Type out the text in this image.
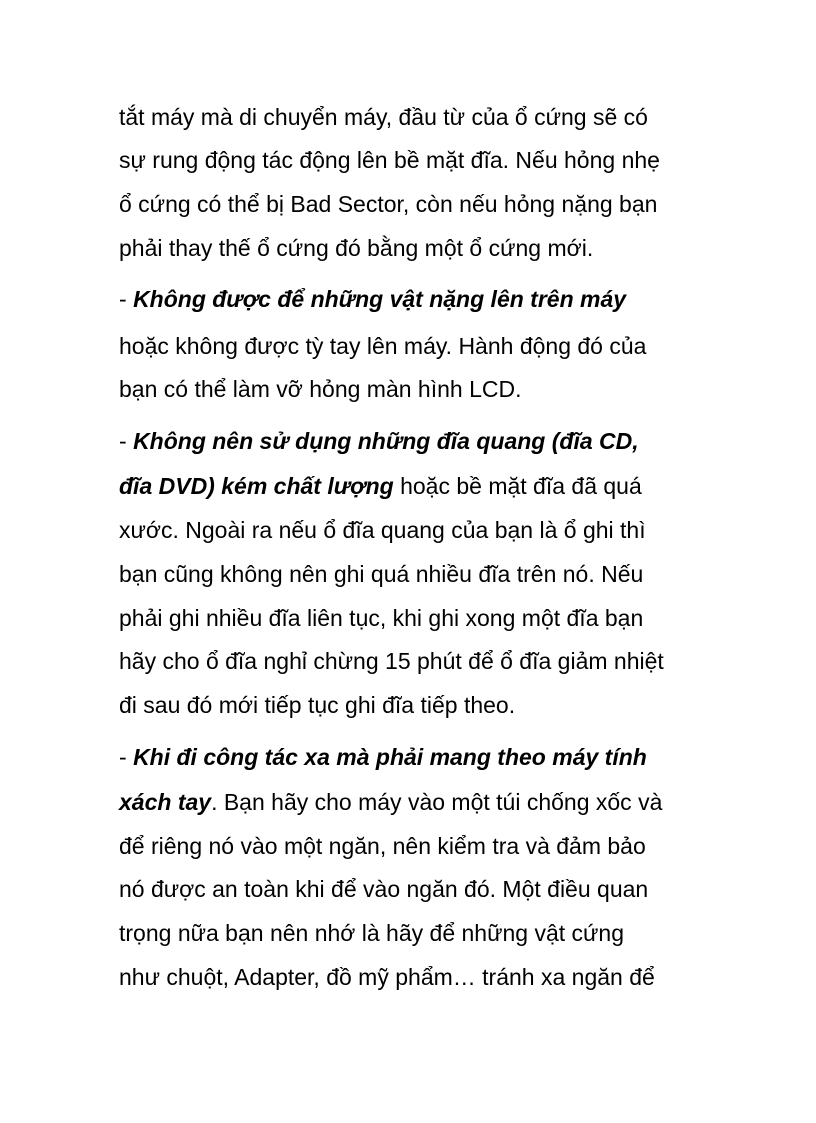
tắt máy mà di chuyển máy, đầu từ của ổ cứng sẽ có

sự rung động tác động lên bề mặt đĩa. Nếu hỏng nhẹ

ổ cứng có thể bị Bad Sector, còn nếu hỏng nặng bạn

phải thay thế ổ cứng đó bằng một ổ cứng mới.

- Không được để những vật nặng lên trên máy

hoặc không được tỳ tay lên máy. Hành động đó của

bạn có thể làm vỡ hỏng màn hình LCD.

- Không nên sử dụng những đĩa quang (đĩa CD,

đĩa DVD) kém chất lượng hoặc bề mặt đĩa đã quá

xước. Ngoài ra nếu ổ đĩa quang của bạn là ổ ghi thì

bạn cũng không nên ghi quá nhiều đĩa trên nó. Nếu

phải ghi nhiều đĩa liên tục, khi ghi xong một đĩa bạn

hãy cho ổ đĩa nghỉ chừng 15 phút để ổ đĩa giảm nhiệt

đi sau đó mới tiếp tục ghi đĩa tiếp theo.

- Khi đi công tác xa mà phải mang theo máy tính

xách tay. Bạn hãy cho máy vào một túi chống xốc và

để riêng nó vào một ngăn, nên kiểm tra và đảm bảo

nó được an toàn khi để vào ngăn đó. Một điều quan

trọng nữa bạn nên nhớ là hãy để những vật cứng

như chuột, Adapter, đồ mỹ phẩm… tránh xa ngăn để
